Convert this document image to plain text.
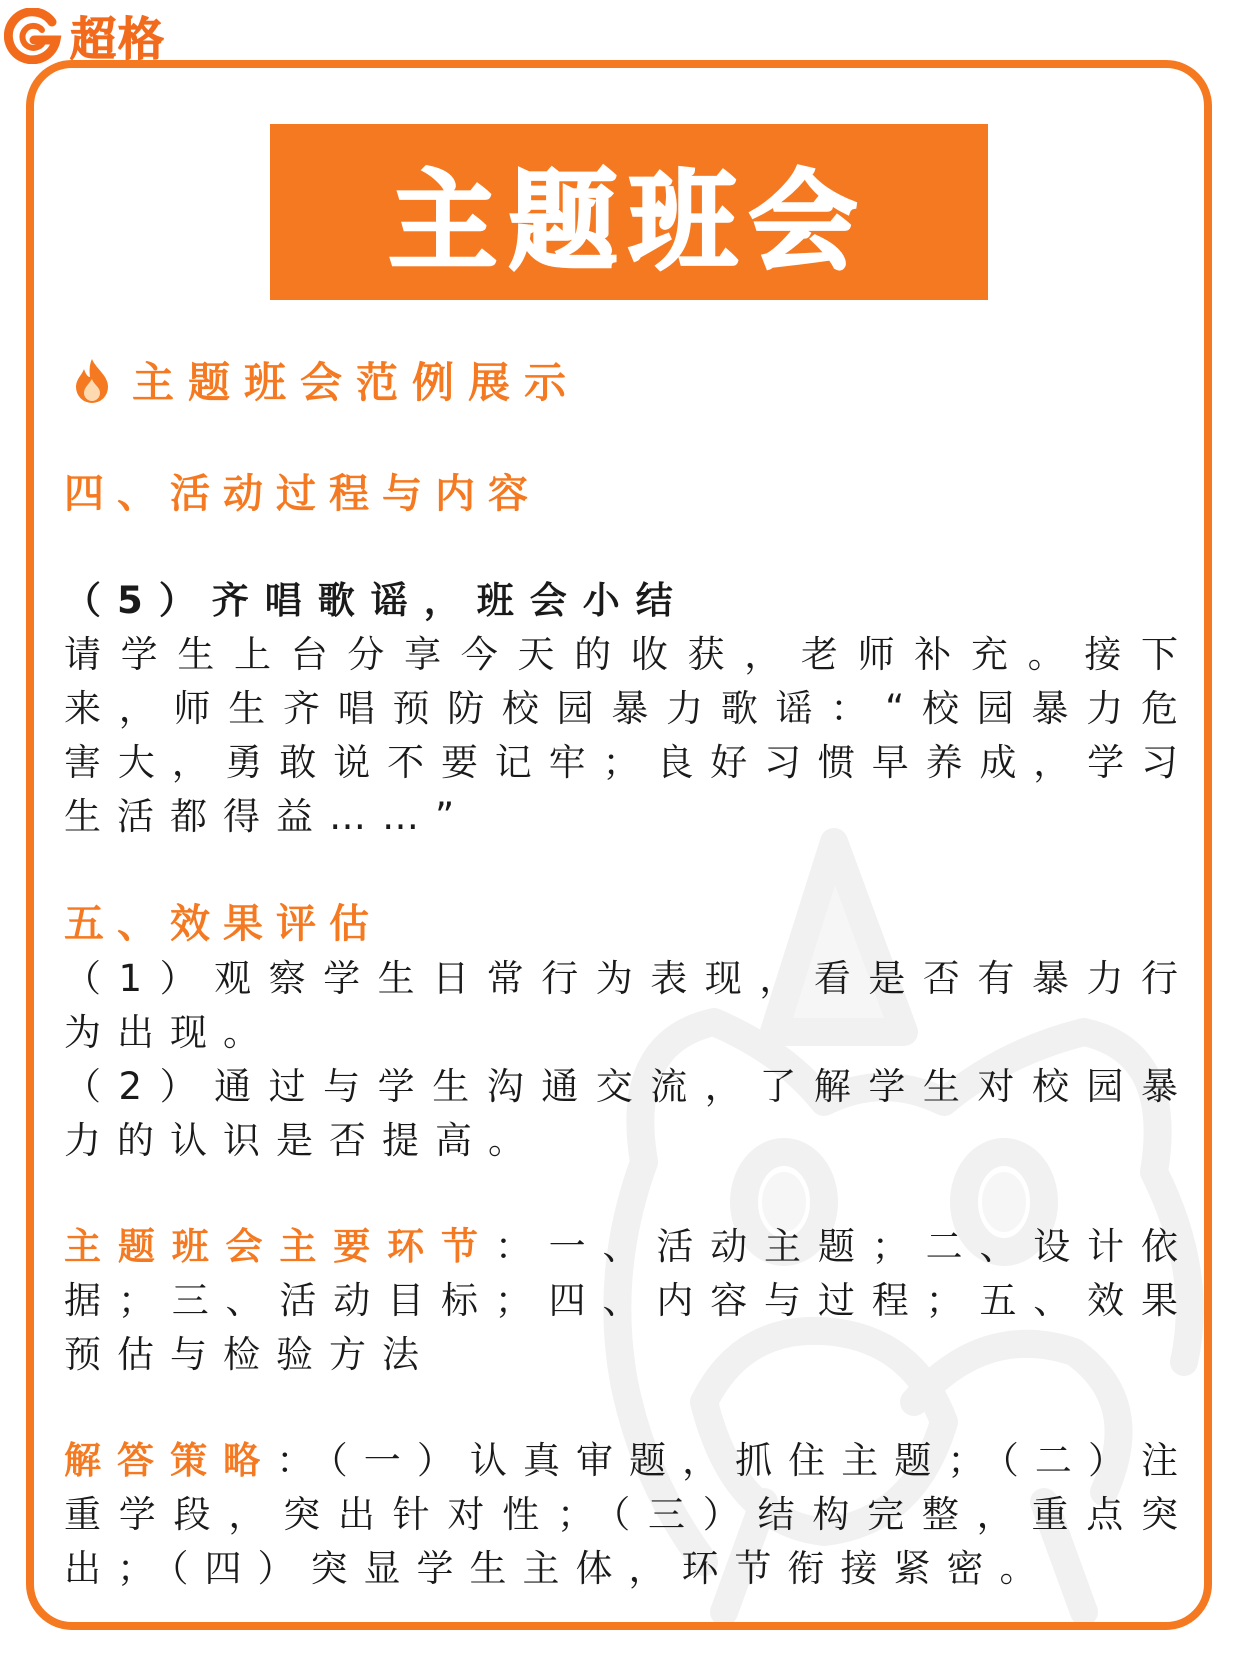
超格
主题班会
主题班会范例展示

四、活动过程与内容

（5）齐唱歌谣，班会小结

请学生上台分享今天的收获，老师补充。接下来，师生齐唱预防校园暴力歌谣：“校园暴力危害大，勇敢说不要记牢；良好习惯早养成，学习生活都得益……”

五、效果评估

（1）观察学生日常行为表现，看是否有暴力行为出现。

（2）通过与学生沟通交流，了解学生对校园暴力的认识是否提高。

主题班会主要环节：一、活动主题；二、设计依据；三、活动目标；四、内容与过程；五、效果预估与检验方法

解答策略：（一）认真审题，抓住主题；（二）注重学段，突出针对性；（三）结构完整，重点突出；（四）突显学生主体，环节衔接紧密。
